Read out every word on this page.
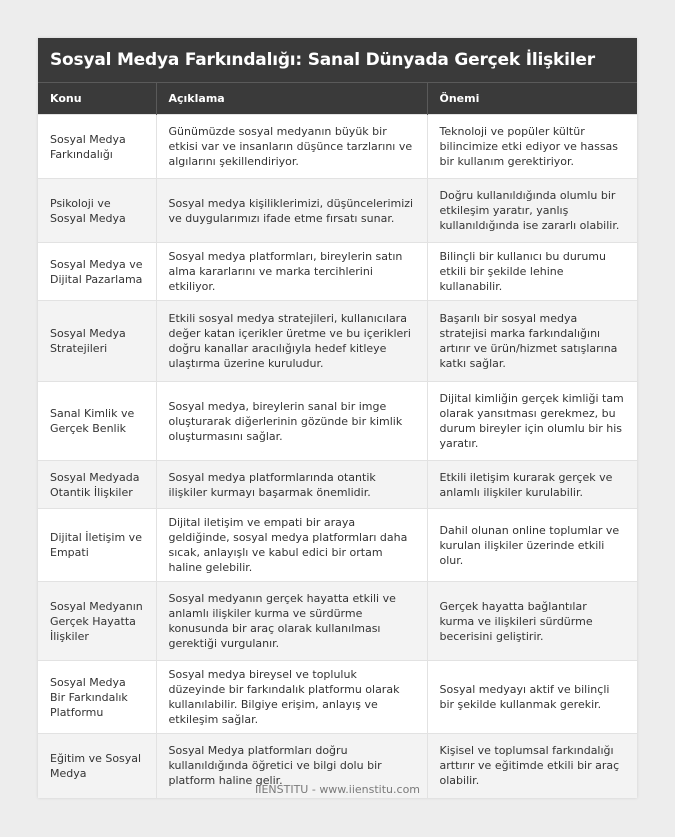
Sosyal Medya Farkındalığı: Sanal Dünyada Gerçek İlişkiler
Konu	Açıklama	Önemi
Sosyal Medya Farkındalığı	Günümüzde sosyal medyanın büyük bir etkisi var ve insanların düşünce tarzlarını ve algılarını şekillendiriyor.	Teknoloji ve popüler kültür bilincimize etki ediyor ve hassas bir kullanım gerektiriyor.
Psikoloji ve Sosyal Medya	Sosyal medya kişiliklerimizi, düşüncelerimizi ve duygularımızı ifade etme fırsatı sunar.	Doğru kullanıldığında olumlu bir etkileşim yaratır, yanlış kullanıldığında ise zararlı olabilir.
Sosyal Medya ve Dijital Pazarlama	Sosyal medya platformları, bireylerin satın alma kararlarını ve marka tercihlerini etkiliyor.	Bilinçli bir kullanıcı bu durumu etkili bir şekilde lehine kullanabilir.
Sosyal Medya Stratejileri	Etkili sosyal medya stratejileri, kullanıcılara değer katan içerikler üretme ve bu içerikleri doğru kanallar aracılığıyla hedef kitleye ulaştırma üzerine kuruludur.	Başarılı bir sosyal medya stratejisi marka farkındalığını artırır ve ürün/hizmet satışlarına katkı sağlar.
Sanal Kimlik ve Gerçek Benlik	Sosyal medya, bireylerin sanal bir imge oluşturarak diğerlerinin gözünde bir kimlik oluşturmasını sağlar.	Dijital kimliğin gerçek kimliği tam olarak yansıtması gerekmez, bu durum bireyler için olumlu bir his yaratır.
Sosyal Medyada Otantik İlişkiler	Sosyal medya platformlarında otantik ilişkiler kurmayı başarmak önemlidir.	Etkili iletişim kurarak gerçek ve anlamlı ilişkiler kurulabilir.
Dijital İletişim ve Empati	Dijital iletişim ve empati bir araya geldiğinde, sosyal medya platformları daha sıcak, anlayışlı ve kabul edici bir ortam haline gelebilir.	Dahil olunan online toplumlar ve kurulan ilişkiler üzerinde etkili olur.
Sosyal Medyanın Gerçek Hayatta İlişkiler	Sosyal medyanın gerçek hayatta etkili ve anlamlı ilişkiler kurma ve sürdürme konusunda bir araç olarak kullanılması gerektiği vurgulanır.	Gerçek hayatta bağlantılar kurma ve ilişkileri sürdürme becerisini geliştirir.
Sosyal Medya Bir Farkındalık Platformu	Sosyal medya bireysel ve topluluk düzeyinde bir farkındalık platformu olarak kullanılabilir. Bilgiye erişim, anlayış ve etkileşim sağlar.	Sosyal medyayı aktif ve bilinçli bir şekilde kullanmak gerekir.
Eğitim ve Sosyal Medya	Sosyal Medya platformları doğru kullanıldığında öğretici ve bilgi dolu bir platform haline gelir.	Kişisel ve toplumsal farkındalığı arttırır ve eğitimde etkili bir araç olabilir.
IIENSTITU - www.iienstitu.com
